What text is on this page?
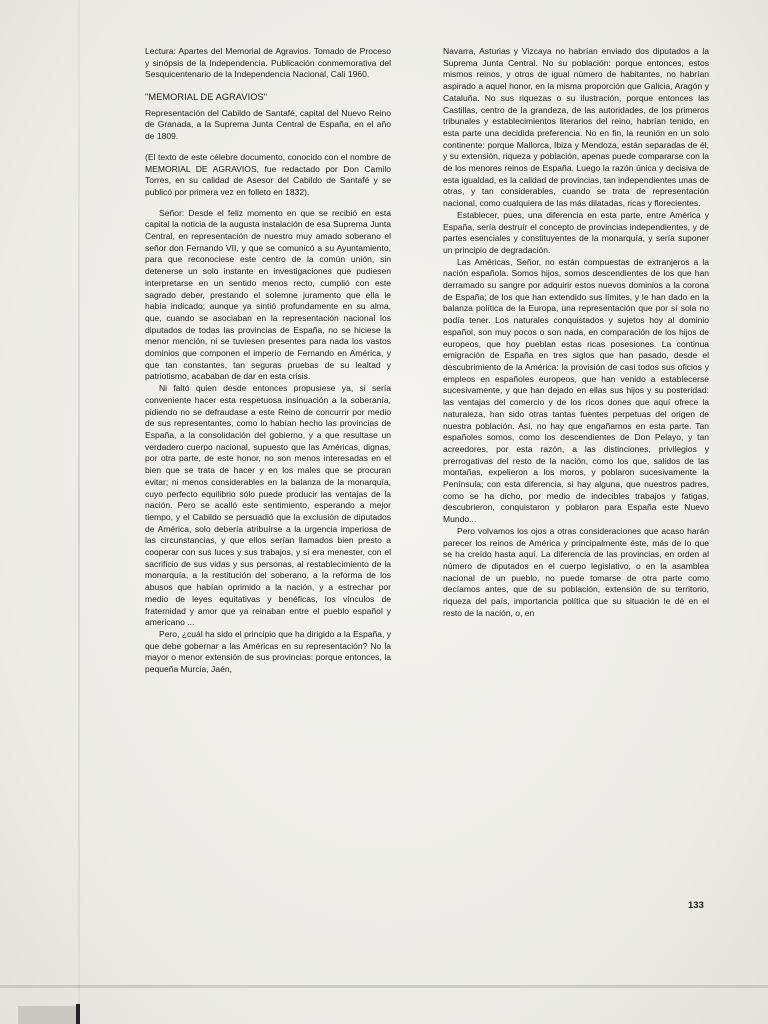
Lectura: Apartes del Memorial de Agravios. Tomado de Proceso y sinópsis de la Independencia. Publicación conmemorativa del Sesquicentenario de la Independencia Nacional, Cali 1960.

"MEMORIAL DE AGRAVIOS"

Representación del Cabildo de Santafé, capital del Nuevo Reino de Granada, a la Suprema Junta Central de España, en el año de 1809.

(El texto de este célebre documento, conocido con el nombre de MEMORIAL DE AGRAVIOS, fue redactado por Don Camilo Torres, en su calidad de Asesor del Cabildo de Santafé y se publicó por primera vez en folleto en 1832).

Señor: Desde el feliz momento en que se recibió en esta capital la noticia de la augusta instalación de esa Suprema Junta Central, en representación de nuestro muy amado soberano el señor don Fernando VII, y que se comunicó a su Ayuntamiento, para que reconociese este centro de la común unión, sin detenerse un solo instante en investigaciones que pudiesen interpretarse en un sentido menos recto, cumplió con este sagrado deber, prestando el solemne juramento que ella le había indicado; aunque ya sintió profundamente en su alma, que, cuando se asociaban en la representación nacional los diputados de todas las provincias de España, no se hiciese la menor mención, ni se tuviesen presentes para nada los vastos dominios que componen el imperio de Fernando en América, y que tan constantes, tan seguras pruebas de su lealtad y patriotismo, acababan de dar en esta crisis.

Ni faltó quien desde entonces propusiese ya, si sería conveniente hacer esta respetuosa insinuación a la soberanía, pidiendo no se defraudase a este Reino de concurrir por medio de sus representantes, como lo habían hecho las provincias de España, a la consolidación del gobierno, y a que resultase un verdadero cuerpo nacional, supuesto que las Américas, dignas, por otra parte, de este honor, no son menos interesadas en el bien que se trata de hacer y en los males que se procuran evitar; ni menos considerables en la balanza de la monarquía, cuyo perfecto equilibrio sólo puede producir las ventajas de la nación. Pero se acalló este sentimiento, esperando a mejor tiempo, y el Cabildo se persuadió que la exclusión de diputados de América, solo debería atribuírse a la urgencia imperiosa de las circunstancias, y que ellos serían llamados bien presto a cooperar con sus luces y sus trabajos, y si era menester, con el sacrificio de sus vidas y sus personas, al restablecimiento de la monarquía, a la restitución del soberano, a la reforma de los abusos que habían oprimido a la nación, y a estrechar por medio de leyes equitativas y benéficas, los vínculos de fraternidad y amor que ya reinaban entre el pueblo español y americano ...

Pero, ¿cuál ha sido el principio que ha dirigido a la España, y que debe gobernar a las Américas en su representación? No la mayor o menor extensión de sus provincias: porque entonces, la pequeña Murcia, Jaén,

Navarra, Asturias y Vizcaya no habrían enviado dos diputados a la Suprema Junta Central. No su población: porque entonces, estos mismos reinos, y otros de igual número de habitantes, no habrían aspirado a aquel honor, en la misma proporción que Galicia, Aragón y Cataluña. No sus riquezas o su ilustración, porque entonces las Castillas, centro de la grandeza, de las autoridades, de los primeros tribunales y establecimientos literarios del reino, habrían tenido, en esta parte una decidida preferencia. No en fin, la reunión en un solo continente: porque Mallorca, Ibiza y Mendoza, están separadas de él, y su extensión, riqueza y población, apenas puede compararse con la de los menores reinos de España. Luego la razón única y decisiva de esta igualdad, es la calidad de provincias, tan independientes unas de otras, y tan considerables, cuando se trata de representación nacional, como cualquiera de las más dilatadas, ricas y florecientes.

Establecer, pues, una diferencia en esta parte, entre América y España, sería destruír el concepto de provincias independientes, y de partes esenciales y constituyentes de la monarquía, y sería suponer un principio de degradación.

Las Américas, Señor, no están compuestas de extranjeros a la nación española. Somos hijos, somos descendientes de los que han derramado su sangre por adquirir estos nuevos dominios a la corona de España; de los que han extendido sus límites, y le han dado en la balanza política de la Europa, una representación que por sí sola no podía tener. Los naturales conquistados y sujetos hoy al dominio español, son muy pocos o son nada, en comparación de los hijos de europeos, que hoy pueblan estas ricas posesiones. La continua emigración de España en tres siglos que han pasado, desde el descubrimiento de la América: la provisión de casi todos sus oficios y empleos en españoles europeos, que han venido a establecerse sucesivamente, y que han dejado en ellas sus hijos y su posteridad: las ventajas del comercio y de los ricos dones que aquí ofrece la naturaleza, han sido otras tantas fuentes perpetuas del origen de nuestra población. Así, no hay que engañarnos en esta parte. Tan españoles somos, como los descendientes de Don Pelayo, y tan acreedores, por esta razón, a las distinciones, privilegios y prerrogativas del resto de la nación, como los que, salidos de las montañas, expelieron a los moros, y poblaron sucesivamente la Península; con esta diferencia, si hay alguna, que nuestros padres, como se ha dicho, por medio de indecibles trabajos y fatigas, descubrieron, conquistaron y poblaron para España este Nuevo Mundo...

Pero volvamos los ojos a otras consideraciones que acaso harán parecer los reinos de América y principalmente éste, más de lo que se ha creído hasta aquí. La diferencia de las provincias, en orden al número de diputados en el cuerpo legislativo, o en la asamblea nacional de un pueblo, no puede tomarse de otra parte como decíamos antes, que de su población, extensión de su territorio, riqueza del país, importancia política que su situación le dé en el resto de la nación, o, en

133
